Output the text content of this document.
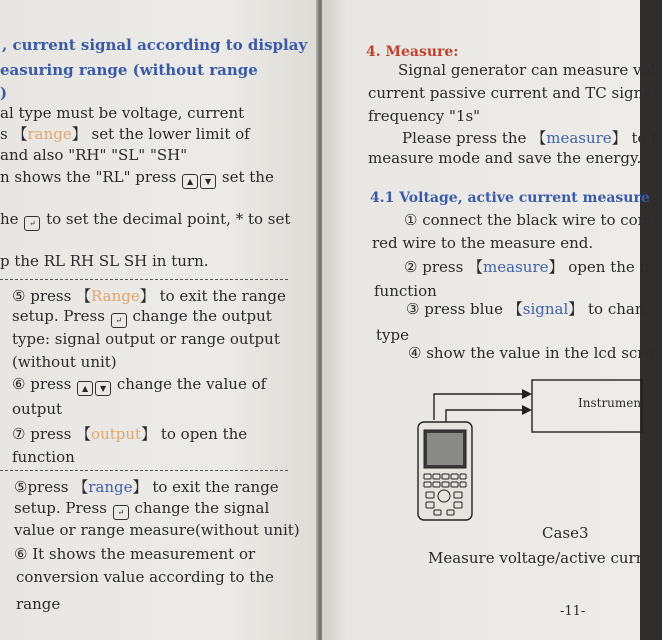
, current signal according to display
easuring range (without range
)
al type must be voltage, current
s 【range】 set the lower limit of
and also "RH" "SL" "SH"
n shows the "RL" press ▲ ▼ set the
he ↵ to set the decimal point, * to set
p the RL RH SL SH in turn.
⑤ press 【Range】 to exit the range
setup. Press ↵ change the output
type: signal output or range output
(without unit)
⑥ press ▲ ▼ change the value of
output
⑦ press 【output】 to open the
function
⑤press 【range】 to exit the range
setup. Press ↵ change the signal
value or range measure(without unit)
⑥ It shows the measurement or
conversion value according to the
range
4. Measure:
Signal generator can measure vol
current passive current and TC signal,
frequency "1s"
Please press the 【measure】 to t
measure mode and save the energy.
4.1 Voltage, active current measure
① connect the black wire to com
red wire to the measure end.
② press 【measure】 open the n
function
③ press blue 【signal】 to chan
type
④ show the value in the lcd scre
Instrumen
Case3
Measure voltage/active curr
-11-
